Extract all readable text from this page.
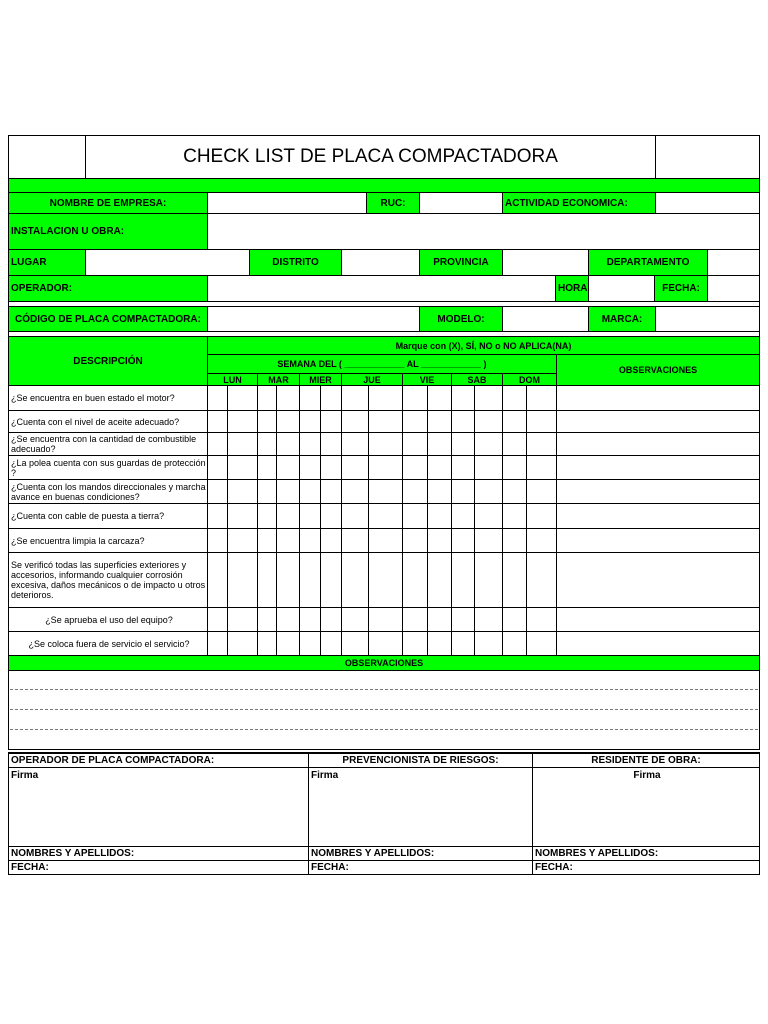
CHECK LIST DE PLACA COMPACTADORA
NOMBRE DE EMPRESA:	RUC:	ACTIVIDAD ECONOMICA:
INSTALACION U OBRA:
LUGAR	DISTRITO	PROVINCIA	DEPARTAMENTO
OPERADOR:	HORA	FECHA:
CÓDIGO DE PLACA COMPACTADORA:	MODELO:	MARCA:
DESCRIPCIÓN
Marque con (X), SÍ, NO o NO APLICA(NA)
SEMANA DEL ( ____________ AL ____________ )
OBSERVACIONES
LUN	MAR	MIER	JUE	VIE	SAB	DOM
¿Se encuentra en buen estado el motor?
¿Cuenta con el nivel de aceite adecuado?
¿Se encuentra con la cantidad de combustible adecuado?
¿La polea cuenta con sus guardas de protección ?
¿Cuenta con los mandos direccionales y marcha avance en buenas condiciones?
¿Cuenta con cable de puesta a tierra?
¿Se encuentra limpia la carcaza?
Se verificó todas las superficies exteriores y accesorios, informando cualquier corrosión excesiva, daños mecánicos o de impacto u otros deterioros.
¿Se aprueba el uso del equipo?
¿Se coloca fuera de servicio el servicio?
OBSERVACIONES
OPERADOR DE PLACA COMPACTADORA:
Firma
NOMBRES Y APELLIDOS:
FECHA:
PREVENCIONISTA DE RIESGOS:
Firma
NOMBRES Y APELLIDOS:
FECHA:
RESIDENTE DE OBRA:
Firma
NOMBRES Y APELLIDOS:
FECHA:
